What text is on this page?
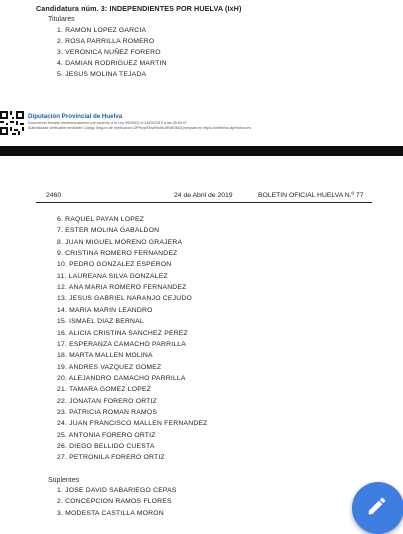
Candidatura núm. 3: INDEPENDIENTES POR HUELVA (IxH)
Titulares
1. RAMON LOPEZ GARCIA
2. ROSA PARRILLA ROMERO
3. VERONICA NUÑEZ FORERO
4. DAMIAN RODRIGUEZ MARTIN
5. JESUS MOLINA TEJADA
Diputación Provincial de Huelva
Documento firmado electrónicamente (de acuerdo a la Ley 59/2003) el 24/04/2019 a las 00:00:07
Autenticidad verificable mediante Código Seguro de Verificación DPHos/KNwRbdrs1tRafOfd2Qmmyww en https://verifirma.dipHuelva.es
2460	24 de Abril de 2019	BOLETIN OFICIAL HUELVA N.º 77
6. RAQUEL PAYAN LOPEZ
7. ESTER MOLINA GABALDON
8. JUAN MIGUEL MORENO GRAJERA
9. CRISTINA ROMERO FERNANDEZ
10. PEDRO GONZALEZ ESPERON
11. LAUREANA SILVA GONZALEZ
12. ANA MARIA ROMERO FERNANDEZ
13. JESUS GABRIEL NARANJO CEJUDO
14. MARIA MARIN LEANDRO
15. ISMAEL DIAZ BERNAL
16. ALICIA CRISTINA SANCHEZ PEREZ
17. ESPERANZA CAMACHO PARRILLA
18. MARTA MALLEN MOLINA
19. ANDRES VAZQUEZ GOMEZ
20. ALEJANDRO CAMACHO PARRILLA
21. TAMARA GOMEZ LOPEZ
22. JONATAN FORERO ORTIZ
23. PATRICIA ROMAN RAMOS
24. JUAN FRANCISCO MALLEN FERNANDEZ
25. ANTONIA FORERO ORTIZ
26. DIEGO BELLIDO CUESTA
27. PETRONILA FORERO ORTIZ
Suplentes
1. JOSE DAVID SABARIEGO CEPAS
2. CONCEPCION RAMOS FLORES
3. MODESTA CASTILLA MORON
